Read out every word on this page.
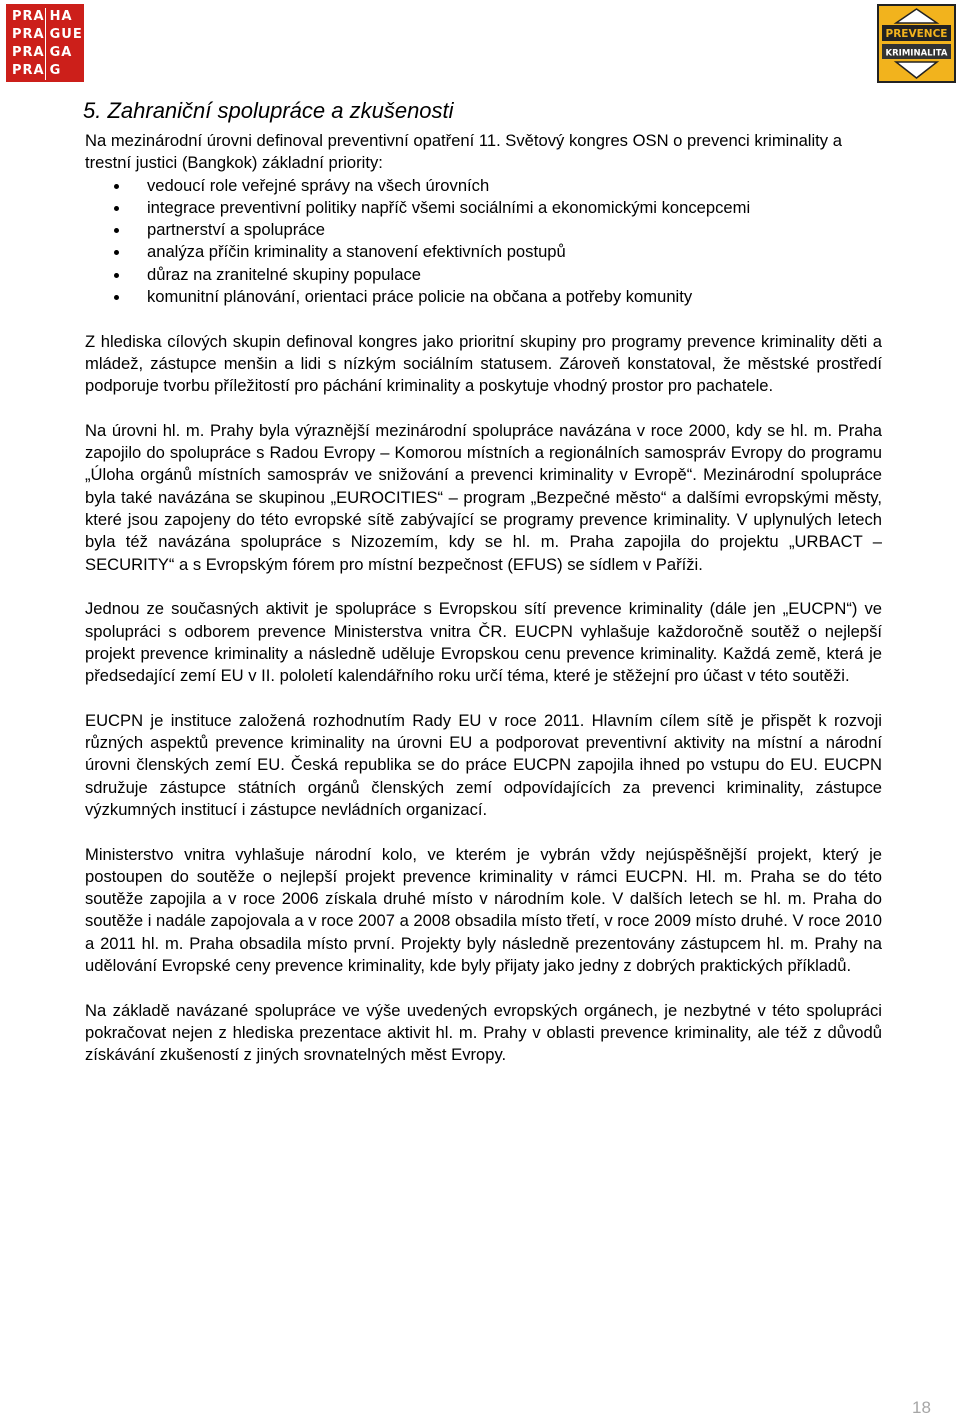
PRA HA
PRA GUE
PRA GA
PRA G
PREVENCE
KRIMINALITA
5. Zahraniční spolupráce a zkušenosti

Na mezinárodní úrovni definoval preventivní opatření 11. Světový kongres OSN o prevenci kriminality a trestní justici (Bangkok) základní priority:

vedoucí role veřejné správy na všech úrovních
integrace preventivní politiky napříč všemi sociálními a ekonomickými koncepcemi
partnerství a spolupráce
analýza příčin kriminality a stanovení efektivních postupů
důraz na zranitelné skupiny populace
komunitní plánování, orientaci práce policie na občana a potřeby komunity

Z hlediska cílových skupin definoval kongres jako prioritní skupiny pro programy prevence kriminality děti a mládež, zástupce menšin a lidi s nízkým sociálním statusem. Zároveň konstatoval, že městské prostředí podporuje tvorbu příležitostí pro páchání kriminality a poskytuje vhodný prostor pro pachatele.

Na úrovni hl. m. Prahy byla výraznější mezinárodní spolupráce navázána v roce 2000, kdy se hl. m. Praha zapojilo do spolupráce s Radou Evropy – Komorou místních a regionálních samospráv Evropy do programu „Úloha orgánů místních samospráv ve snižování a prevenci kriminality v Evropě“. Mezinárodní spolupráce byla také navázána se skupinou „EUROCITIES“ – program „Bezpečné město“ a dalšími evropskými městy, které jsou zapojeny do této evropské sítě zabývající se programy prevence kriminality. V uplynulých letech byla též navázána spolupráce s Nizozemím, kdy se hl. m. Praha zapojila do projektu „URBACT – SECURITY“ a s Evropským fórem pro místní bezpečnost (EFUS) se sídlem v Paříži.

Jednou ze současných aktivit je spolupráce s Evropskou sítí prevence kriminality (dále jen „EUCPN“) ve spolupráci s odborem prevence Ministerstva vnitra ČR. EUCPN vyhlašuje každoročně soutěž o nejlepší projekt prevence kriminality a následně uděluje Evropskou cenu prevence kriminality. Každá země, která je předsedající zemí EU v II. pololetí kalendářního roku určí téma, které je stěžejní pro účast v této soutěži.

EUCPN je instituce založená rozhodnutím Rady EU v roce 2011. Hlavním cílem sítě je přispět k rozvoji různých aspektů prevence kriminality na úrovni EU a podporovat preventivní aktivity na místní a národní úrovni členských zemí EU. Česká republika se do práce EUCPN zapojila ihned po vstupu do EU. EUCPN sdružuje zástupce státních orgánů členských zemí odpovídajících za prevenci kriminality, zástupce výzkumných institucí i zástupce nevládních organizací.

Ministerstvo vnitra vyhlašuje národní kolo, ve kterém je vybrán vždy nejúspěšnější projekt, který je postoupen do soutěže o nejlepší projekt prevence kriminality v rámci EUCPN. Hl. m. Praha se do této soutěže zapojila a v roce 2006 získala druhé místo v národním kole. V dalších letech se hl. m. Praha do soutěže i nadále zapojovala a v roce 2007 a 2008 obsadila místo třetí, v roce 2009 místo druhé. V roce 2010 a 2011 hl. m. Praha obsadila místo první. Projekty byly následně prezentovány zástupcem hl. m. Prahy na udělování Evropské ceny prevence kriminality, kde byly přijaty jako jedny z dobrých praktických příkladů.

Na základě navázané spolupráce ve výše uvedených evropských orgánech, je nezbytné v této spolupráci pokračovat nejen z hlediska prezentace aktivit hl. m. Prahy v oblasti prevence kriminality, ale též z důvodů získávání zkušeností z jiných srovnatelných měst Evropy.

18
